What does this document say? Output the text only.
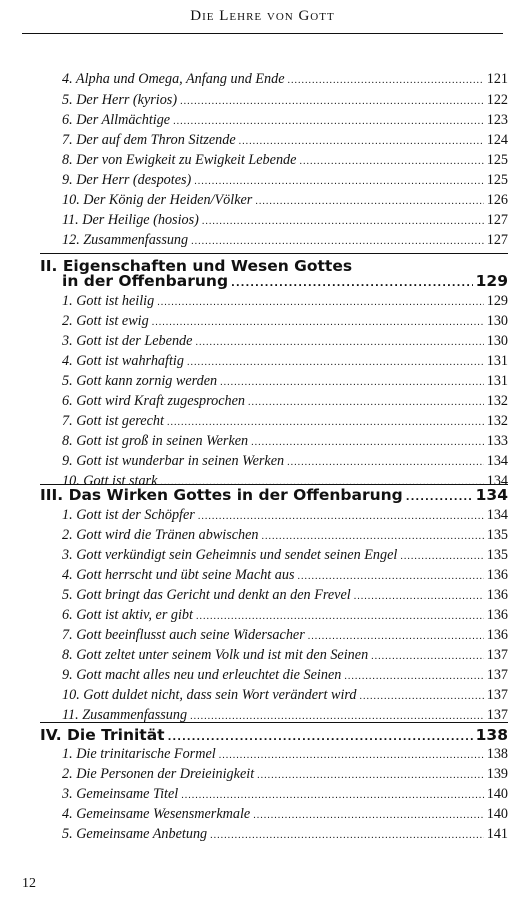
Die Lehre von Gott
4. Alpha und Omega, Anfang und Ende .....	121
5. Der Herr (kyrios) .....	122
6. Der Allmächtige .....	123
7. Der auf dem Thron Sitzende .....	124
8. Der von Ewigkeit zu Ewigkeit Lebende .....	125
9. Der Herr (despotes) .....	125
10. Der König der Heiden/Völker .....	126
11. Der Heilige (hosios) .....	127
12. Zusammenfassung .....	127
II. Eigenschaften und Wesen Gottes
in der Offenbarung .....	129
1. Gott ist heilig .....	129
2. Gott ist ewig .....	130
3. Gott ist der Lebende .....	130
4. Gott ist wahrhaftig .....	131
5. Gott kann zornig werden .....	131
6. Gott wird Kraft zugesprochen .....	132
7. Gott ist gerecht .....	132
8. Gott ist groß in seinen Werken .....	133
9. Gott ist wunderbar in seinen Werken .....	134
10. Gott ist stark .....	134
III. Das Wirken Gottes in der Offenbarung .....	134
1. Gott ist der Schöpfer .....	134
2. Gott wird die Tränen abwischen .....	135
3. Gott verkündigt sein Geheimnis und sendet seinen Engel .....	135
4. Gott herrscht und übt seine Macht aus .....	136
5. Gott bringt das Gericht und denkt an den Frevel .....	136
6. Gott ist aktiv, er gibt .....	136
7. Gott beeinflusst auch seine Widersacher .....	136
8. Gott zeltet unter seinem Volk und ist mit den Seinen .....	137
9. Gott macht alles neu und erleuchtet die Seinen .....	137
10. Gott duldet nicht, dass sein Wort verändert wird .....	137
11. Zusammenfassung .....	137
IV. Die Trinität .....	138
1. Die trinitarische Formel .....	138
2. Die Personen der Dreieinigkeit .....	139
3. Gemeinsame Titel .....	140
4. Gemeinsame Wesensmerkmale .....	140
5. Gemeinsame Anbetung .....	141
12
